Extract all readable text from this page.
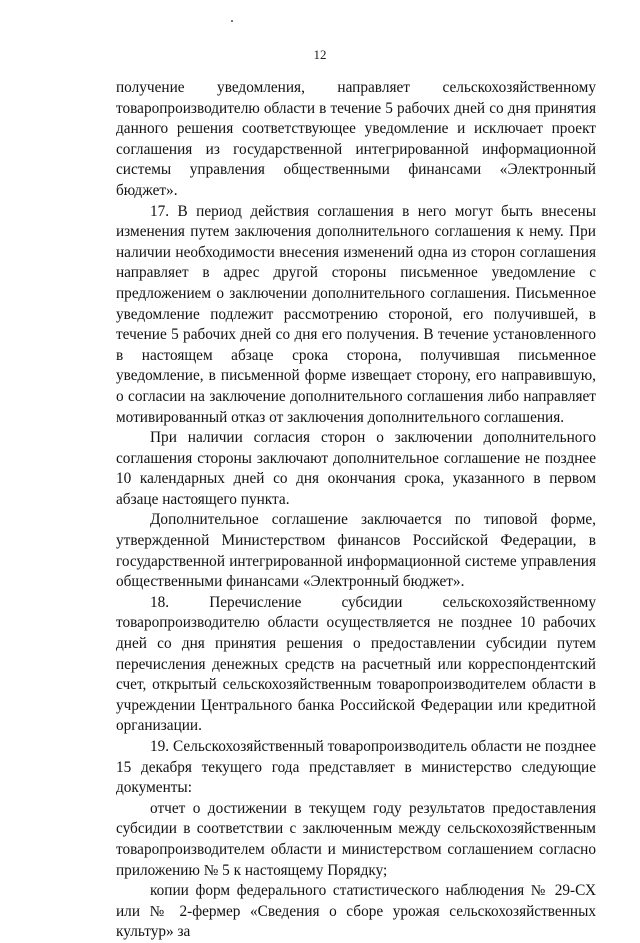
12

получение уведомления, направляет сельскохозяйственному товаропроизводителю области в течение 5 рабочих дней со дня принятия данного решения соответствующее уведомление и исключает проект соглашения из государственной интегрированной информационной системы управления общественными финансами «Электронный бюджет».

17. В период действия соглашения в него могут быть внесены изменения путем заключения дополнительного соглашения к нему. При наличии необходимости внесения изменений одна из сторон соглашения направляет в адрес другой стороны письменное уведомление с предложением о заключении дополнительного соглашения. Письменное уведомление подлежит рассмотрению стороной, его получившей, в течение 5 рабочих дней со дня его получения. В течение установленного в настоящем абзаце срока сторона, получившая письменное уведомление, в письменной форме извещает сторону, его направившую, о согласии на заключение дополнительного соглашения либо направляет мотивированный отказ от заключения дополнительного соглашения.

При наличии согласия сторон о заключении дополнительного соглашения стороны заключают дополнительное соглашение не позднее 10 календарных дней со дня окончания срока, указанного в первом абзаце настоящего пункта.

Дополнительное соглашение заключается по типовой форме, утвержденной Министерством финансов Российской Федерации, в государственной интегрированной информационной системе управления общественными финансами «Электронный бюджет».

18. Перечисление субсидии сельскохозяйственному товаропроизводителю области осуществляется не позднее 10 рабочих дней со дня принятия решения о предоставлении субсидии путем перечисления денежных средств на расчетный или корреспондентский счет, открытый сельскохозяйственным товаропроизводителем области в учреждении Центрального банка Российской Федерации или кредитной организации.

19. Сельскохозяйственный товаропроизводитель области не позднее 15 декабря текущего года представляет в министерство следующие документы:

отчет о достижении в текущем году результатов предоставления субсидии в соответствии с заключенным между сельскохозяйственным товаропроизводителем области и министерством соглашением согласно приложению № 5 к настоящему Порядку;

копии форм федерального статистического наблюдения № 29-СХ или № 2-фермер «Сведения о сборе урожая сельскохозяйственных культур» за
